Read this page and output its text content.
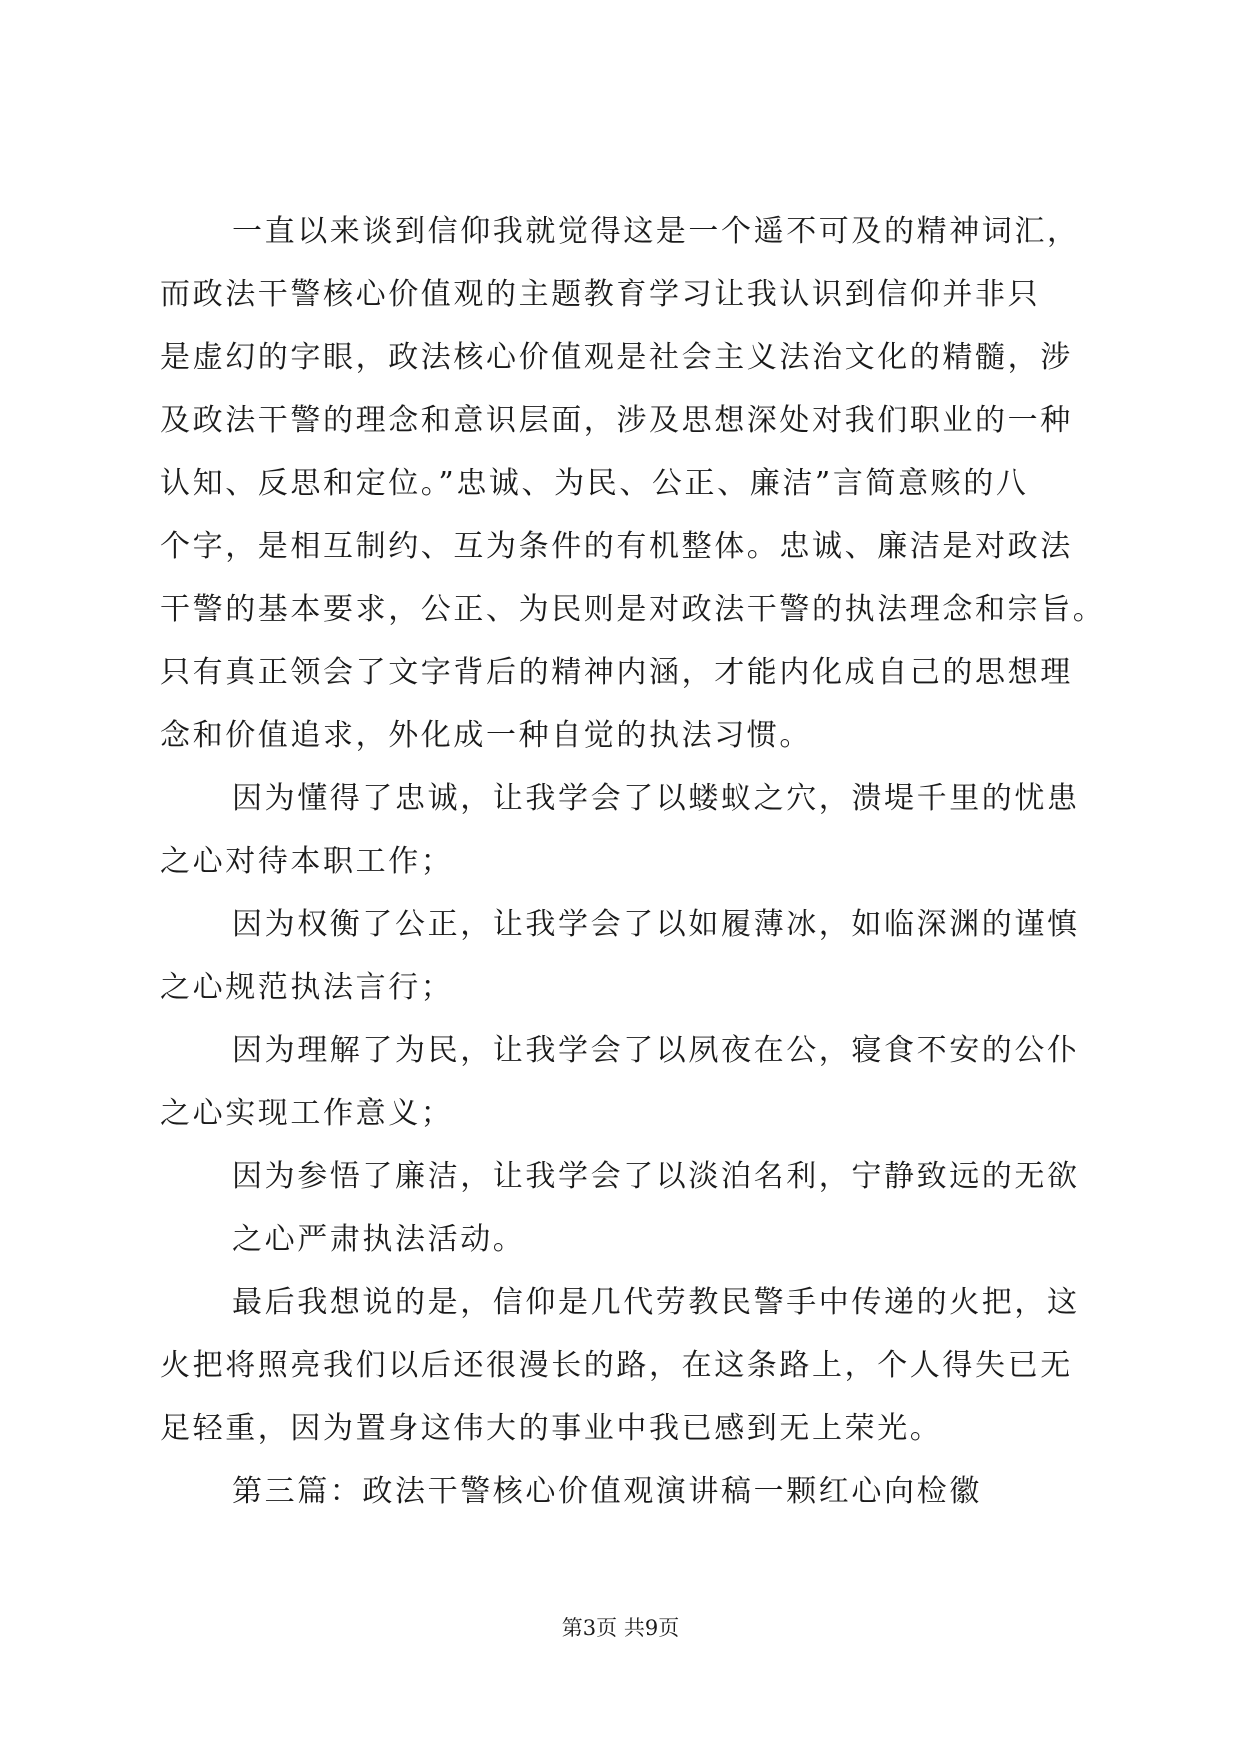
一直以来谈到信仰我就觉得这是一个遥不可及的精神词汇，
而政法干警核心价值观的主题教育学习让我认识到信仰并非只
是虚幻的字眼，政法核心价值观是社会主义法治文化的精髓，涉
及政法干警的理念和意识层面，涉及思想深处对我们职业的一种
认知、反思和定位。”忠诚、为民、公正、廉洁”言简意赅的八
个字，是相互制约、互为条件的有机整体。忠诚、廉洁是对政法
干警的基本要求，公正、为民则是对政法干警的执法理念和宗旨。
只有真正领会了文字背后的精神内涵，才能内化成自己的思想理
念和价值追求，外化成一种自觉的执法习惯。
因为懂得了忠诚，让我学会了以蝼蚁之穴，溃堤千里的忧患
之心对待本职工作；
因为权衡了公正，让我学会了以如履薄冰，如临深渊的谨慎
之心规范执法言行；
因为理解了为民，让我学会了以夙夜在公，寝食不安的公仆
之心实现工作意义；
因为参悟了廉洁，让我学会了以淡泊名利，宁静致远的无欲
之心严肃执法活动。
最后我想说的是，信仰是几代劳教民警手中传递的火把，这
火把将照亮我们以后还很漫长的路，在这条路上，个人得失已无
足轻重，因为置身这伟大的事业中我已感到无上荣光。
第三篇：政法干警核心价值观演讲稿一颗红心向检徽
第3页 共9页
